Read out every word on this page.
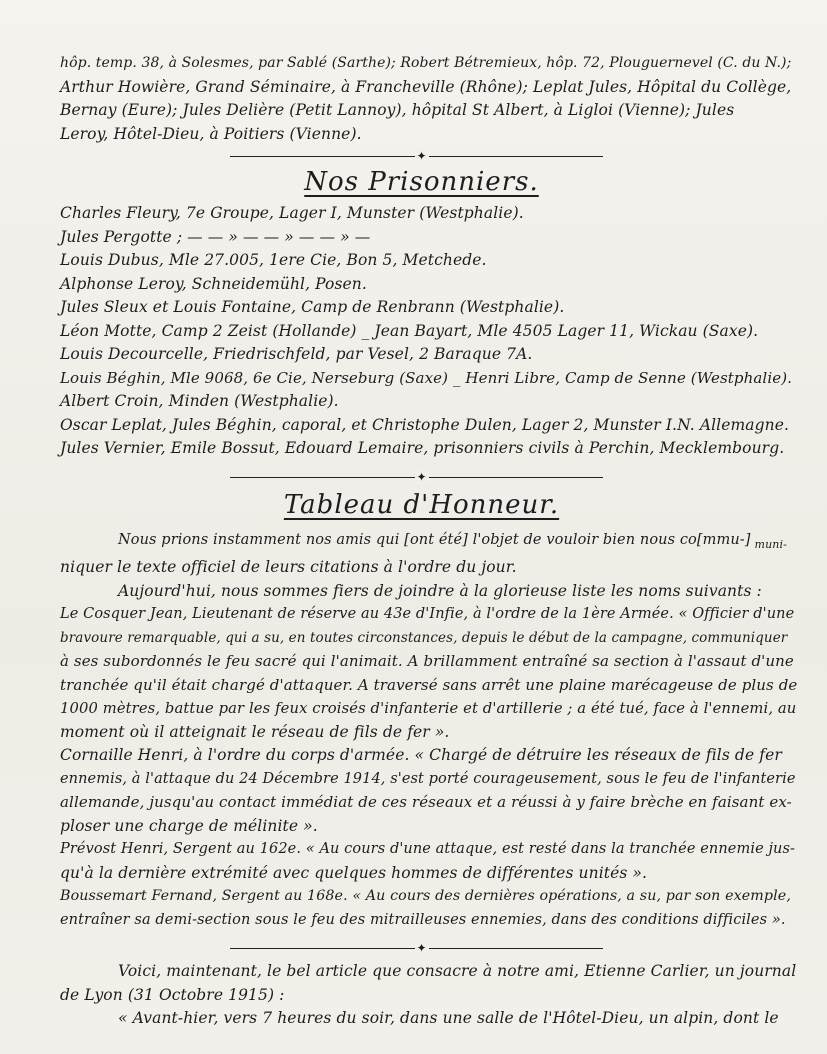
hôp. temp. 38, à Solesmes, par Sablé (Sarthe); Robert Bétremieux, hôp. 72, Plouguernevel (C. du N.);
Arthur Howière, Grand Séminaire, à Francheville (Rhône); Leplat Jules, Hôpital du Collège,
Bernay (Eure); Jules Delière (Petit Lannoy), hôpital St Albert, à Ligloi (Vienne); Jules
Leroy, Hôtel-Dieu, à Poitiers (Vienne).
✦
Nos Prisonniers.
Charles Fleury, 7e Groupe, Lager I, Munster (Westphalie).
Jules Pergotte ; — — » — — » — — » —
Louis Dubus, Mle 27.005, 1ere Cie, Bon 5, Metchede.
Alphonse Leroy, Schneidemühl, Posen.
Jules Sleux et Louis Fontaine, Camp de Renbrann (Westphalie).
Léon Motte, Camp 2 Zeist (Hollande) _ Jean Bayart, Mle 4505 Lager 11, Wickau (Saxe).
Louis Decourcelle, Friedrischfeld, par Vesel, 2 Baraque 7A.
Louis Béghin, Mle 9068, 6e Cie, Nerseburg (Saxe) _ Henri Libre, Camp de Senne (Westphalie).
Albert Croin, Minden (Westphalie).
Oscar Leplat, Jules Béghin, caporal, et Christophe Dulen, Lager 2, Munster I.N. Allemagne.
Jules Vernier, Emile Bossut, Edouard Lemaire, prisonniers civils à Perchin, Mecklembourg.
✦
Tableau d'Honneur.
Nous prions instamment nos amis qui [ont été] l'objet de vouloir bien nous co[mmu-] $_{muni-}$
niquer le texte officiel de leurs citations à l'ordre du jour.
Aujourd'hui, nous sommes fiers de joindre à la glorieuse liste les noms suivants :
Le Cosquer Jean, Lieutenant de réserve au 43e d'Infie, à l'ordre de la 1ère Armée. « Officier d'une
bravoure remarquable, qui a su, en toutes circonstances, depuis le début de la campagne, communiquer
à ses subordonnés le feu sacré qui l'animait. A brillamment entraîné sa section à l'assaut d'une
tranchée qu'il était chargé d'attaquer. A traversé sans arrêt une plaine marécageuse de plus de
1000 mètres, battue par les feux croisés d'infanterie et d'artillerie ; a été tué, face à l'ennemi, au
moment où il atteignait le réseau de fils de fer ».
Cornaille Henri, à l'ordre du corps d'armée. « Chargé de détruire les réseaux de fils de fer
ennemis, à l'attaque du 24 Décembre 1914, s'est porté courageusement, sous le feu de l'infanterie
allemande, jusqu'au contact immédiat de ces réseaux et a réussi à y faire brèche en faisant ex-
ploser une charge de mélinite ».
Prévost Henri, Sergent au 162e. « Au cours d'une attaque, est resté dans la tranchée ennemie jus-
qu'à la dernière extrémité avec quelques hommes de différentes unités ».
Boussemart Fernand, Sergent au 168e. « Au cours des dernières opérations, a su, par son exemple,
entraîner sa demi-section sous le feu des mitrailleuses ennemies, dans des conditions difficiles ».
✦
Voici, maintenant, le bel article que consacre à notre ami, Etienne Carlier, un journal
de Lyon (31 Octobre 1915) :
« Avant-hier, vers 7 heures du soir, dans une salle de l'Hôtel-Dieu, un alpin, dont le
